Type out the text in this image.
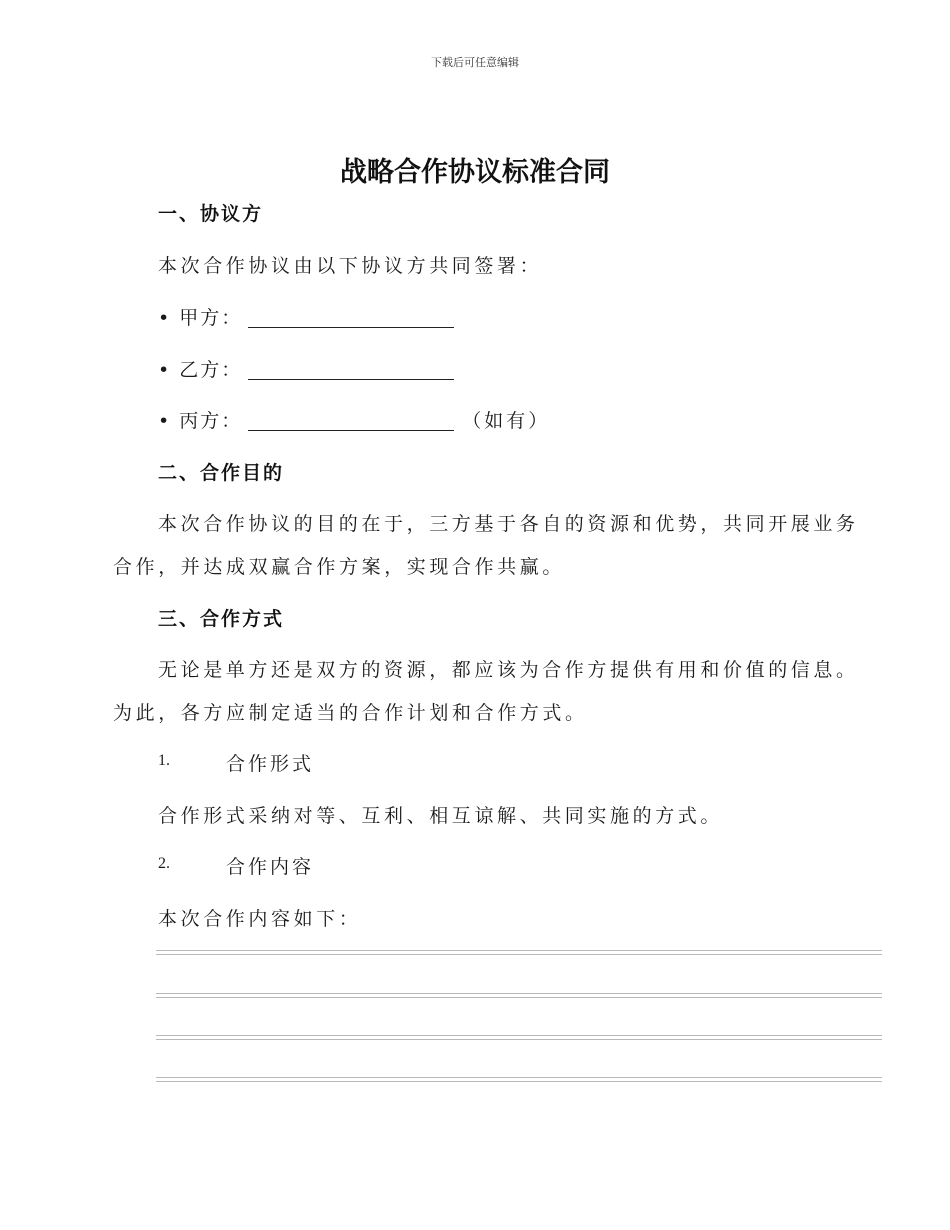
下载后可任意编辑
战略合作协议标准合同
一、协议方
本次合作协议由以下协议方共同签署：
• 甲方：
• 乙方：
• 丙方：	（如有）
二、合作目的
本次合作协议的目的在于，三方基于各自的资源和优势，共同开展业务
合作，并达成双赢合作方案，实现合作共赢。
三、合作方式
无论是单方还是双方的资源，都应该为合作方提供有用和价值的信息。
为此，各方应制定适当的合作计划和合作方式。
1.	合作形式
合作形式采纳对等、互利、相互谅解、共同实施的方式。
2.	合作内容
本次合作内容如下：
